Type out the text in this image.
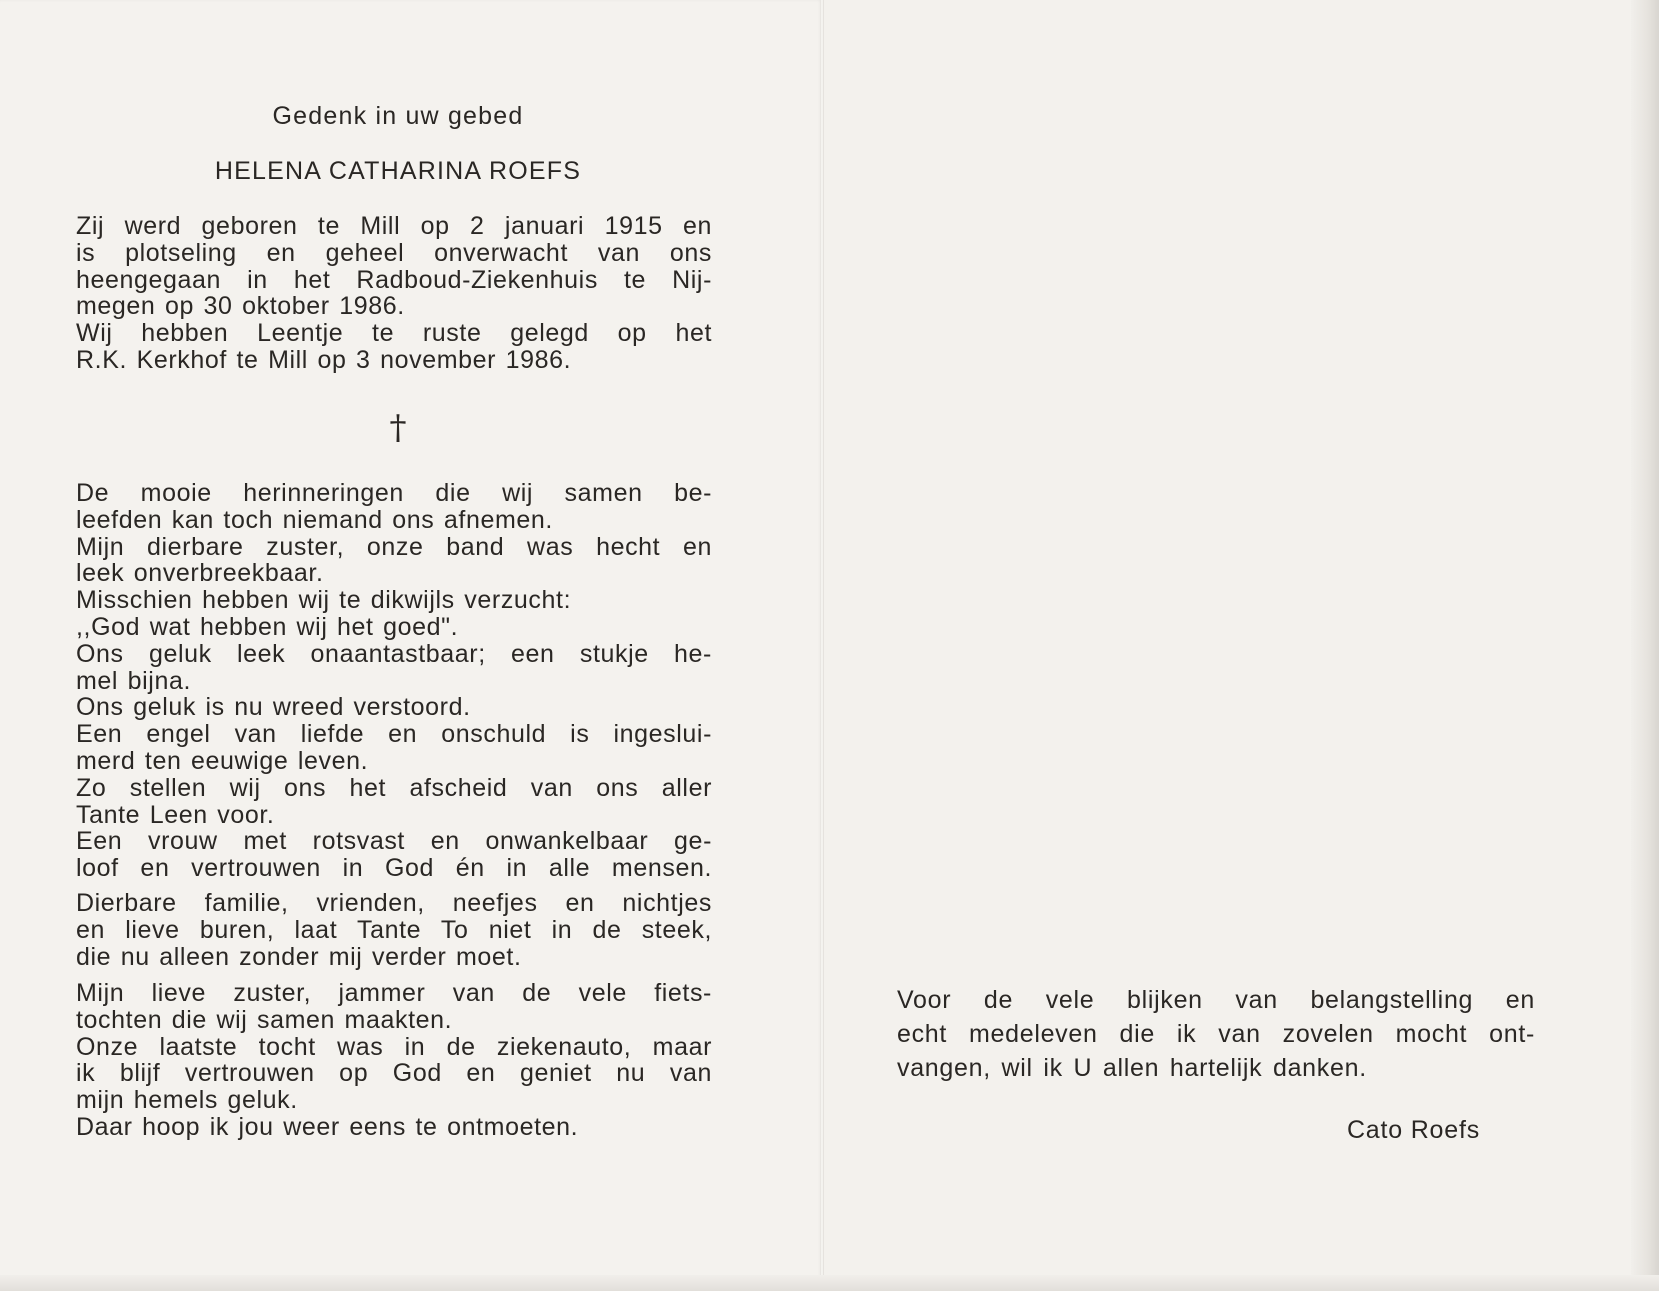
Gedenk in uw gebed
HELENA CATHARINA ROEFS
Zij werd geboren te Mill op 2 januari 1915 en
is plotseling en geheel onverwacht van ons
heengegaan in het Radboud-Ziekenhuis te Nij-
megen op 30 oktober 1986.
Wij hebben Leentje te ruste gelegd op het
R.K. Kerkhof te Mill op 3 november 1986.
†
De mooie herinneringen die wij samen be-
leefden kan toch niemand ons afnemen.
Mijn dierbare zuster, onze band was hecht en
leek onverbreekbaar.
Misschien hebben wij te dikwijls verzucht:
,,God wat hebben wij het goed".
Ons geluk leek onaantastbaar; een stukje he-
mel bijna.
Ons geluk is nu wreed verstoord.
Een engel van liefde en onschuld is ingeslui-
merd ten eeuwige leven.
Zo stellen wij ons het afscheid van ons aller
Tante Leen voor.
Een vrouw met rotsvast en onwankelbaar ge-
loof en vertrouwen in God én in alle mensen.
Dierbare familie, vrienden, neefjes en nichtjes
en lieve buren, laat Tante To niet in de steek,
die nu alleen zonder mij verder moet.
Mijn lieve zuster, jammer van de vele fiets-
tochten die wij samen maakten.
Onze laatste tocht was in de ziekenauto, maar
ik blijf vertrouwen op God en geniet nu van
mijn hemels geluk.
Daar hoop ik jou weer eens te ontmoeten.
Voor de vele blijken van belangstelling en
echt medeleven die ik van zovelen mocht ont-
vangen, wil ik U allen hartelijk danken.
Cato Roefs
